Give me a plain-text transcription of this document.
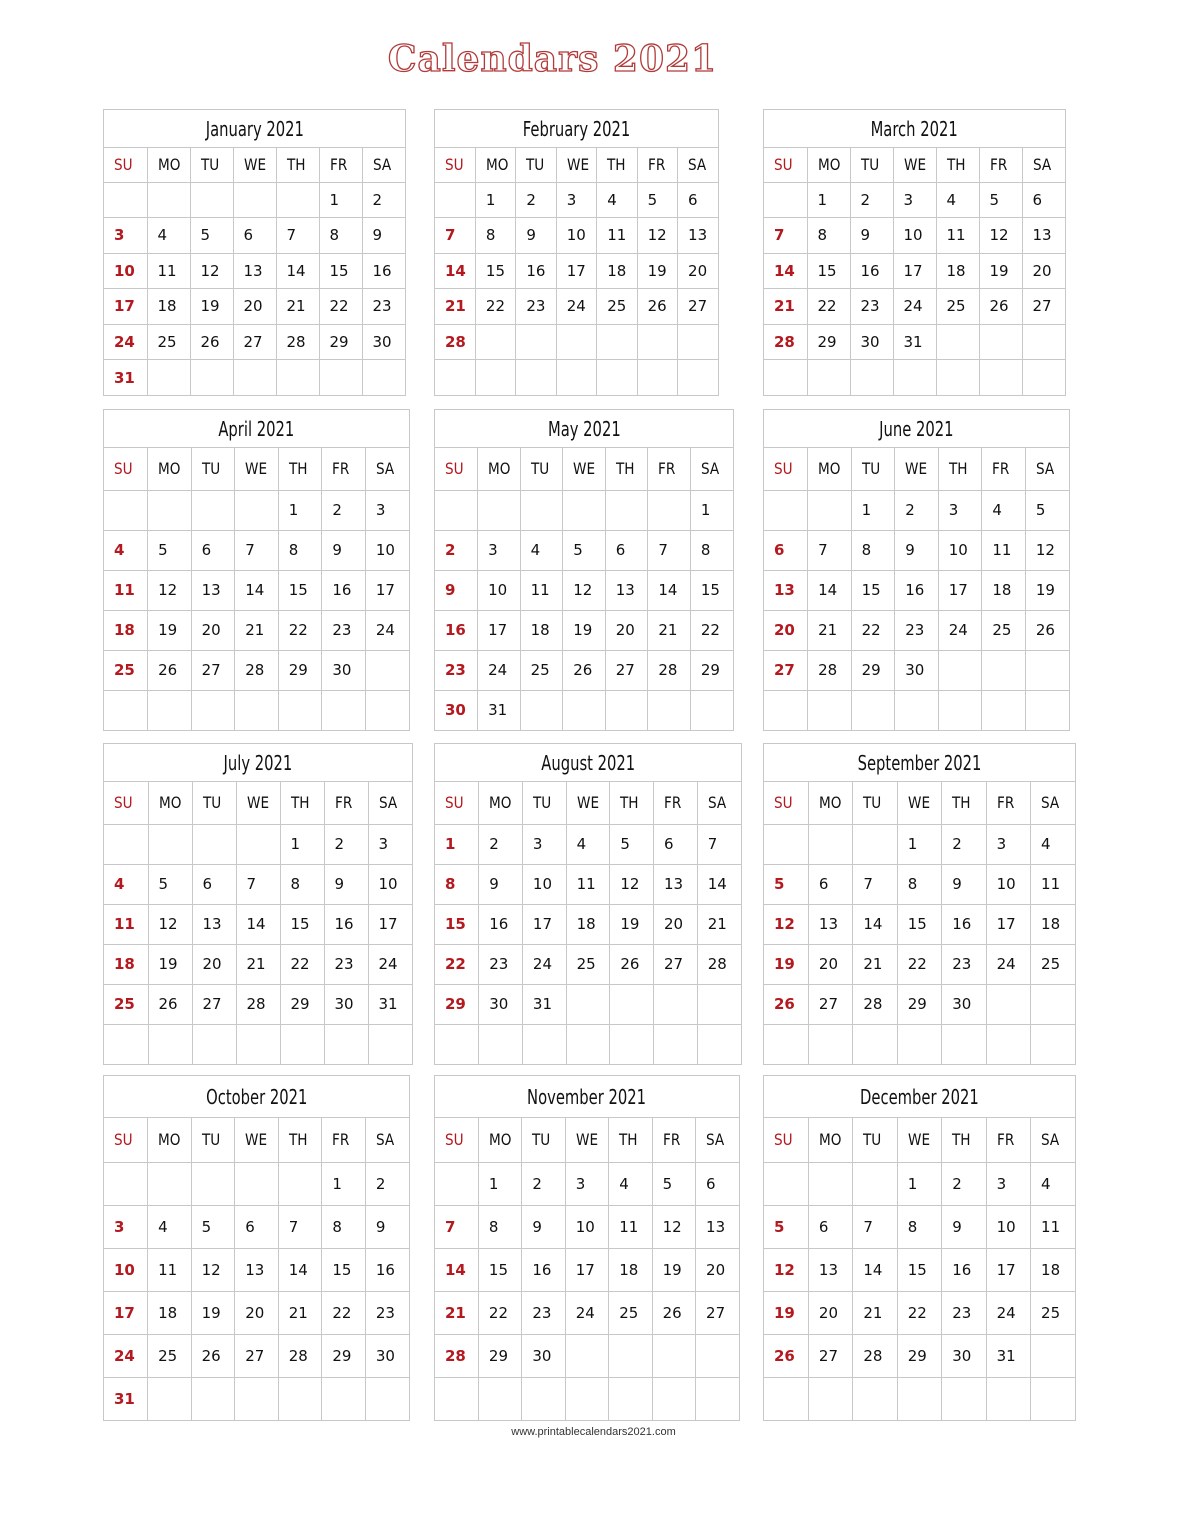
Calendars 2021
January 2021
SU	MO	TU	WE	TH	FR	SA
					1	2
3	4	5	6	7	8	9
10	11	12	13	14	15	16
17	18	19	20	21	22	23
24	25	26	27	28	29	30
31						
February 2021
SU	MO	TU	WE	TH	FR	SA
	1	2	3	4	5	6
7	8	9	10	11	12	13
14	15	16	17	18	19	20
21	22	23	24	25	26	27
28						

March 2021
SU	MO	TU	WE	TH	FR	SA
	1	2	3	4	5	6
7	8	9	10	11	12	13
14	15	16	17	18	19	20
21	22	23	24	25	26	27
28	29	30	31			

April 2021
SU	MO	TU	WE	TH	FR	SA
				1	2	3
4	5	6	7	8	9	10
11	12	13	14	15	16	17
18	19	20	21	22	23	24
25	26	27	28	29	30	

May 2021
SU	MO	TU	WE	TH	FR	SA
						1
2	3	4	5	6	7	8
9	10	11	12	13	14	15
16	17	18	19	20	21	22
23	24	25	26	27	28	29
30	31					
June 2021
SU	MO	TU	WE	TH	FR	SA
		1	2	3	4	5
6	7	8	9	10	11	12
13	14	15	16	17	18	19
20	21	22	23	24	25	26
27	28	29	30			

July 2021
SU	MO	TU	WE	TH	FR	SA
				1	2	3
4	5	6	7	8	9	10
11	12	13	14	15	16	17
18	19	20	21	22	23	24
25	26	27	28	29	30	31

August 2021
SU	MO	TU	WE	TH	FR	SA
1	2	3	4	5	6	7
8	9	10	11	12	13	14
15	16	17	18	19	20	21
22	23	24	25	26	27	28
29	30	31				

September 2021
SU	MO	TU	WE	TH	FR	SA
			1	2	3	4
5	6	7	8	9	10	11
12	13	14	15	16	17	18
19	20	21	22	23	24	25
26	27	28	29	30		

October 2021
SU	MO	TU	WE	TH	FR	SA
					1	2
3	4	5	6	7	8	9
10	11	12	13	14	15	16
17	18	19	20	21	22	23
24	25	26	27	28	29	30
31						
November 2021
SU	MO	TU	WE	TH	FR	SA
	1	2	3	4	5	6
7	8	9	10	11	12	13
14	15	16	17	18	19	20
21	22	23	24	25	26	27
28	29	30				

December 2021
SU	MO	TU	WE	TH	FR	SA
			1	2	3	4
5	6	7	8	9	10	11
12	13	14	15	16	17	18
19	20	21	22	23	24	25
26	27	28	29	30	31	

www.printablecalendars2021.com
